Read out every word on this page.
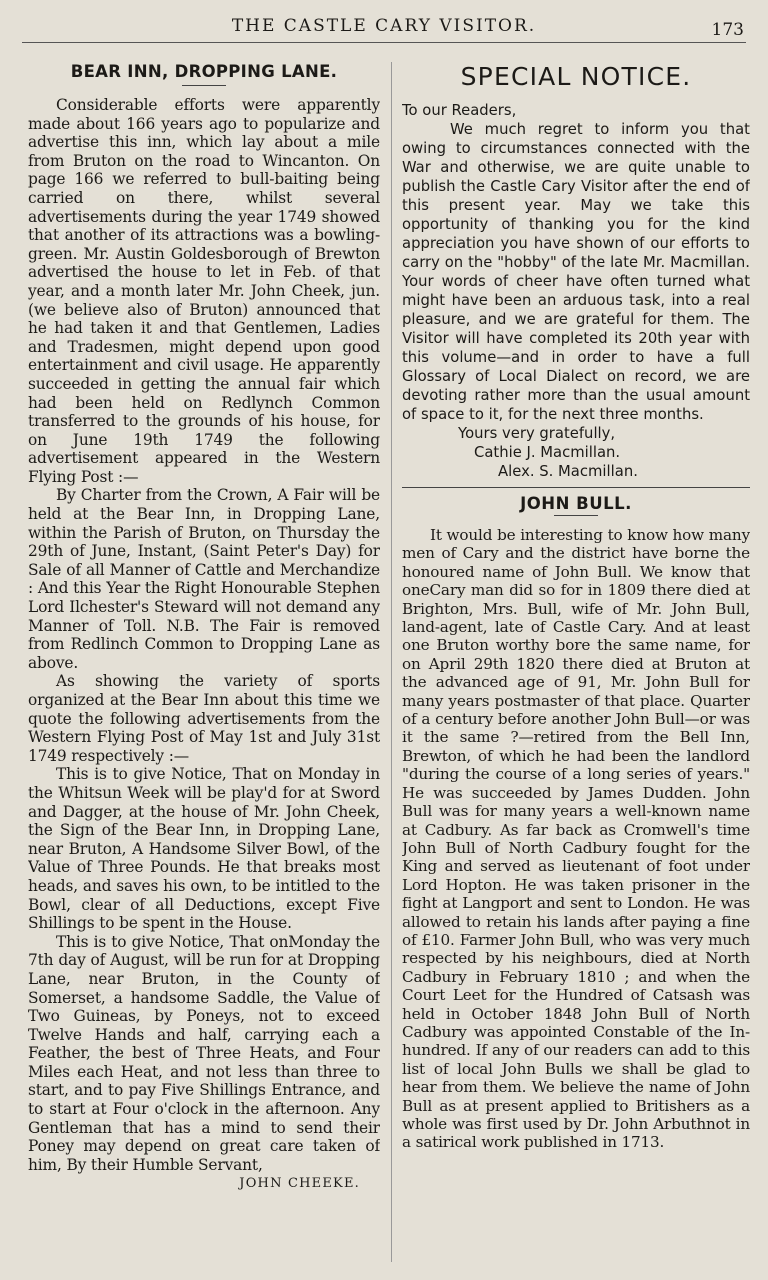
THE CASTLE CARY VISITOR.	173
BEAR INN, DROPPING LANE.

Considerable efforts were apparently made about 166 years ago to popularize and advertise this inn, which lay about a mile from Bruton on the road to Wincanton. On page 166 we referred to bull-baiting being carried on there, whilst several advertisements during the year 1749 showed that another of its attractions was a bowling-green. Mr. Austin Goldesborough of Brewton advertised the house to let in Feb. of that year, and a month later Mr. John Cheek, jun. (we believe also of Bruton) announced that he had taken it and that Gentlemen, Ladies and Tradesmen, might depend upon good entertainment and civil usage. He apparently succeeded in getting the annual fair which had been held on Redlynch Common transferred to the grounds of his house, for on June 19th 1749 the following advertisement appeared in the Western Flying Post :—

By Charter from the Crown, A Fair will be held at the Bear Inn, in Dropping Lane, within the Parish of Bruton, on Thursday the 29th of June, Instant, (Saint Peter's Day) for Sale of all Manner of Cattle and Merchandize : And this Year the Right Honourable Stephen Lord Ilchester's Steward will not demand any Manner of Toll. N.B. The Fair is removed from Redlinch Common to Dropping Lane as above.

As showing the variety of sports organized at the Bear Inn about this time we quote the following advertisements from the Western Flying Post of May 1st and July 31st 1749 respectively :—

This is to give Notice, That on Monday in the Whitsun Week will be play'd for at Sword and Dagger, at the house of Mr. John Cheek, the Sign of the Bear Inn, in Dropping Lane, near Bruton, A Handsome Silver Bowl, of the Value of Three Pounds. He that breaks most heads, and saves his own, to be intitled to the Bowl, clear of all Deductions, except Five Shillings to be spent in the House.

This is to give Notice, That onMonday the 7th day of August, will be run for at Dropping Lane, near Bruton, in the County of Somerset, a handsome Saddle, the Value of Two Guineas, by Poneys, not to exceed Twelve Hands and half, carrying each a Feather, the best of Three Heats, and Four Miles each Heat, and not less than three to start, and to pay Five Shillings Entrance, and to start at Four o'clock in the afternoon. Any Gentleman that has a mind to send their Poney may depend on great care taken of him, By their Humble Servant,

JOHN CHEEKE.
SPECIAL NOTICE.

To our Readers,

We much regret to inform you that owing to circumstances connected with the War and otherwise, we are quite unable to publish the Castle Cary Visitor after the end of this present year. May we take this opportunity of thanking you for the kind appreciation you have shown of our efforts to carry on the "hobby" of the late Mr. Macmillan. Your words of cheer have often turned what might have been an arduous task, into a real pleasure, and we are grateful for them. The Visitor will have completed its 20th year with this volume—and in order to have a full Glossary of Local Dialect on record, we are devoting rather more than the usual amount of space to it, for the next three months.

Yours very gratefully,

Cathie J. Macmillan.

Alex. S. Macmillan.

JOHN BULL.

It would be interesting to know how many men of Cary and the district have borne the honoured name of John Bull. We know that oneCary man did so for in 1809 there died at Brighton, Mrs. Bull, wife of Mr. John Bull, land-agent, late of Castle Cary. And at least one Bruton worthy bore the same name, for on April 29th 1820 there died at Bruton at the advanced age of 91, Mr. John Bull for many years postmaster of that place. Quarter of a century before another John Bull—or was it the same ?—retired from the Bell Inn, Brewton, of which he had been the landlord "during the course of a long series of years." He was succeeded by James Dudden. John Bull was for many years a well-known name at Cadbury. As far back as Cromwell's time John Bull of North Cadbury fought for the King and served as lieutenant of foot under Lord Hopton. He was taken prisoner in the fight at Langport and sent to London. He was allowed to retain his lands after paying a fine of £10. Farmer John Bull, who was very much respected by his neighbours, died at North Cadbury in February 1810 ; and when the Court Leet for the Hundred of Catsash was held in October 1848 John Bull of North Cadbury was appointed Constable of the In-hundred. If any of our readers can add to this list of local John Bulls we shall be glad to hear from them. We believe the name of John Bull as at present applied to Britishers as a whole was first used by Dr. John Arbuthnot in a satirical work published in 1713.
